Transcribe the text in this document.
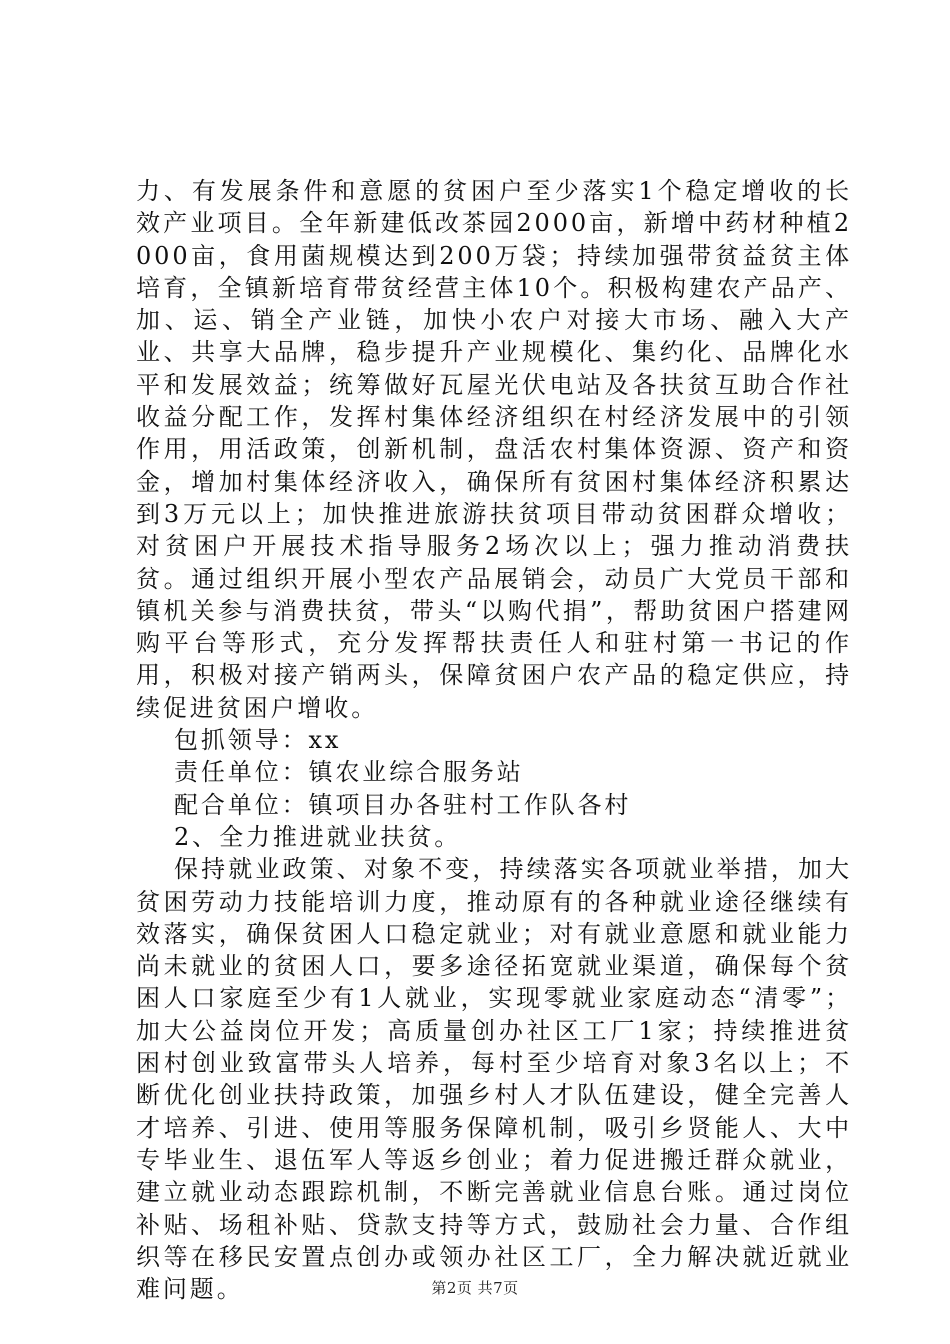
力、有发展条件和意愿的贫困户至少落实1个稳定增收的长效产业项目。全年新建低改茶园2000亩，新增中药材种植2000亩，食用菌规模达到200万袋；持续加强带贫益贫主体培育，全镇新培育带贫经营主体10个。积极构建农产品产、加、运、销全产业链，加快小农户对接大市场、融入大产业、共享大品牌，稳步提升产业规模化、集约化、品牌化水平和发展效益；统筹做好瓦屋光伏电站及各扶贫互助合作社收益分配工作，发挥村集体经济组织在村经济发展中的引领作用，用活政策，创新机制，盘活农村集体资源、资产和资金，增加村集体经济收入，确保所有贫困村集体经济积累达到3万元以上；加快推进旅游扶贫项目带动贫困群众增收；对贫困户开展技术指导服务2场次以上；强力推动消费扶贫。通过组织开展小型农产品展销会，动员广大党员干部和镇机关参与消费扶贫，带头“以购代捐”，帮助贫困户搭建网购平台等形式，充分发挥帮扶责任人和驻村第一书记的作用，积极对接产销两头，保障贫困户农产品的稳定供应，持续促进贫困户增收。

包抓领导：xx

责任单位：镇农业综合服务站

配合单位：镇项目办各驻村工作队各村

2、全力推进就业扶贫。

保持就业政策、对象不变，持续落实各项就业举措，加大贫困劳动力技能培训力度，推动原有的各种就业途径继续有效落实，确保贫困人口稳定就业；对有就业意愿和就业能力尚未就业的贫困人口，要多途径拓宽就业渠道，确保每个贫困人口家庭至少有1人就业，实现零就业家庭动态“清零”；加大公益岗位开发；高质量创办社区工厂1家；持续推进贫困村创业致富带头人培养，每村至少培育对象3名以上；不断优化创业扶持政策，加强乡村人才队伍建设，健全完善人才培养、引进、使用等服务保障机制，吸引乡贤能人、大中专毕业生、退伍军人等返乡创业；着力促进搬迁群众就业，建立就业动态跟踪机制，不断完善就业信息台账。通过岗位补贴、场租补贴、贷款支持等方式，鼓励社会力量、合作组织等在移民安置点创办或领办社区工厂，全力解决就近就业难问题。	第2页 共7页
